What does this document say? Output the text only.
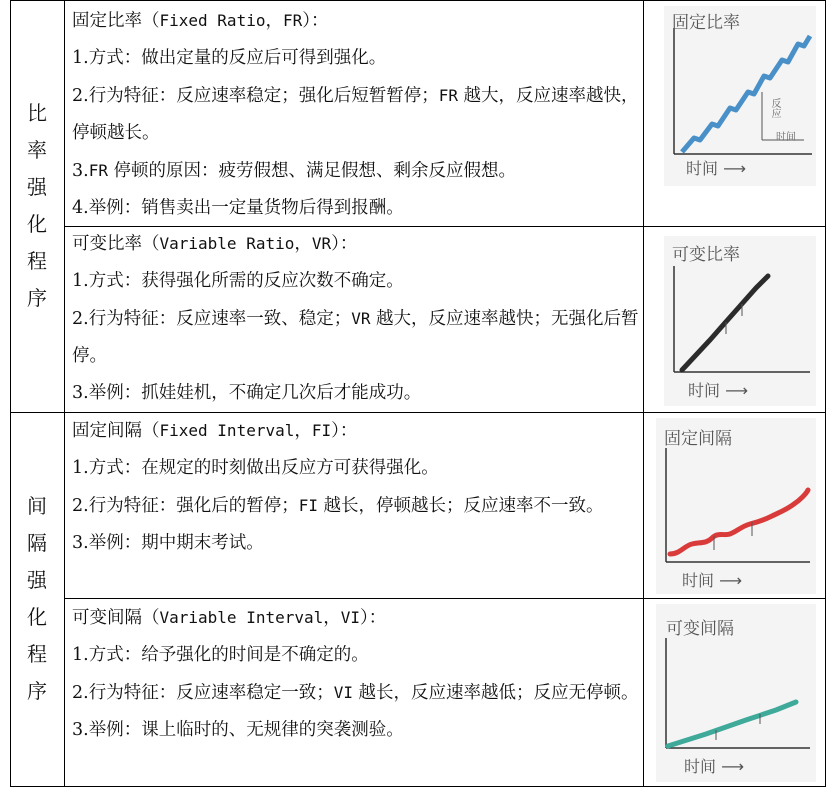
比
率
强
化
程
序
间
隔
强
化
程
序
固定比率（Fixed Ratio，FR）：
1.方式：做出定量的反应后可得到强化。
2.行为特征：反应速率稳定；强化后短暂暂停；FR 越大，反应速率越快，停顿越长。
3.FR 停顿的原因：疲劳假想、满足假想、剩余反应假想。
4.举例：销售卖出一定量货物后得到报酬。
可变比率（Variable Ratio，VR）：
1.方式：获得强化所需的反应次数不确定。
2.行为特征：反应速率一致、稳定；VR 越大，反应速率越快；无强化后暂停。
3.举例：抓娃娃机，不确定几次后才能成功。
固定间隔（Fixed Interval，FI）：
1.方式：在规定的时刻做出反应方可获得强化。
2.行为特征：强化后的暂停；FI 越长，停顿越长；反应速率不一致。
3.举例：期中期末考试。
可变间隔（Variable Interval，VI）：
1.方式：给予强化的时间是不确定的。
2.行为特征：反应速率稳定一致；VI 越长，反应速率越低；反应无停顿。
3.举例：课上临时的、无规律的突袭测验。
固定比率
反应
时间
时间 ⟶
可变比率
时间 ⟶
固定间隔
时间 ⟶
可变间隔
时间 ⟶
